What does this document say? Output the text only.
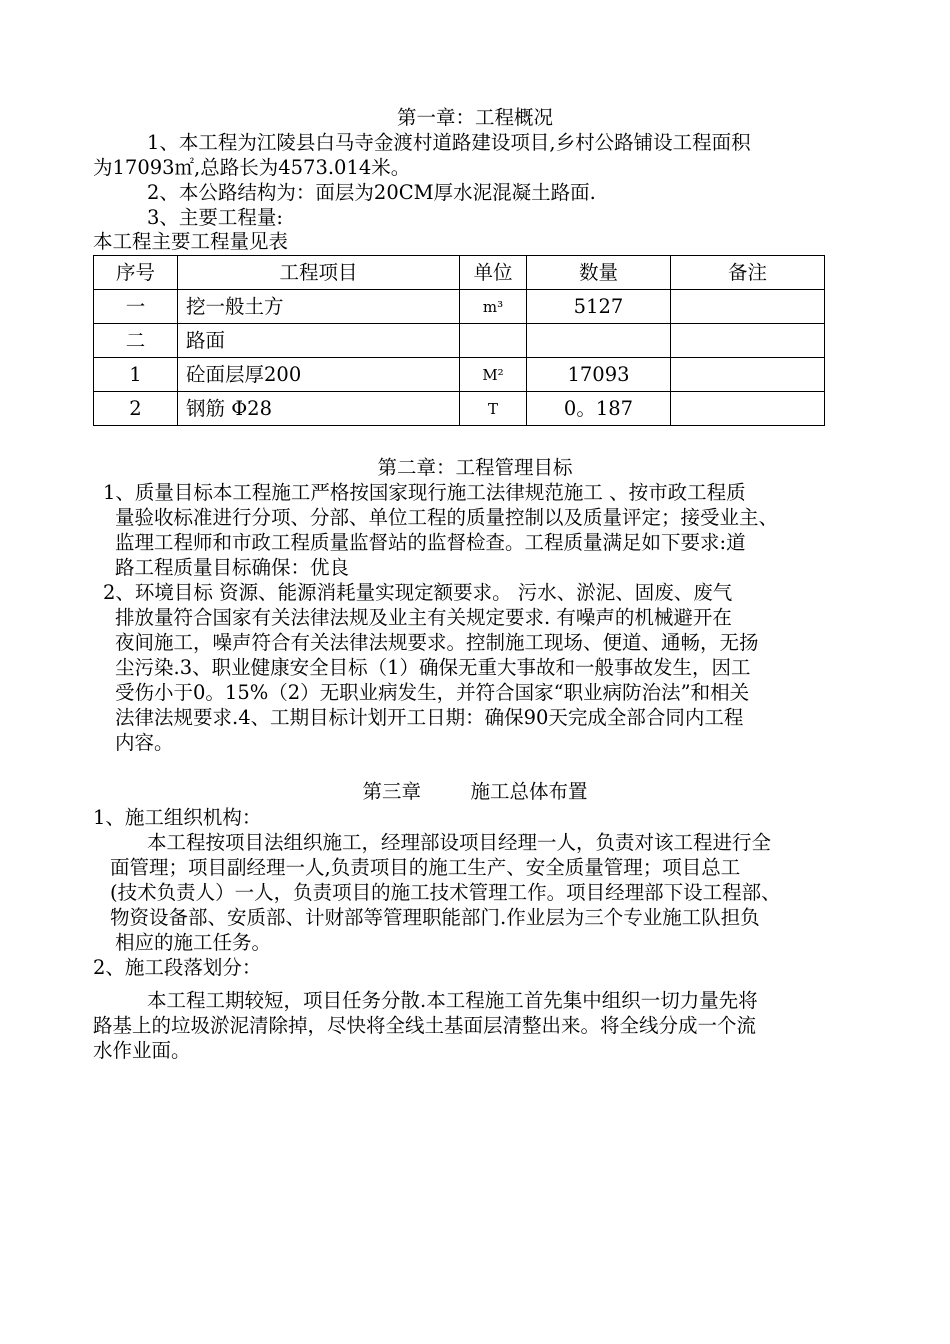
第一章：工程概况
1、本工程为江陵县白马寺金渡村道路建设项目,乡村公路铺设工程面积
为17093㎡,总路长为4573.014米。
2、本公路结构为：面层为20CM厚水泥混凝土路面.
3、主要工程量:
本工程主要工程量见表
序号	工程项目	单位	数量	备注
一	挖一般土方	m³	5127	
二	路面			
1	砼面层厚200	M²	17093	
2	钢筋 Φ28	T	0。187	
第二章：工程管理目标
1、质量目标本工程施工严格按国家现行施工法律规范施工 、按市政工程质
量验收标准进行分项、分部、单位工程的质量控制以及质量评定；接受业主、
监理工程师和市政工程质量监督站的监督检查。工程质量满足如下要求:道
路工程质量目标确保：优良
2、环境目标 资源、能源消耗量实现定额要求。 污水、淤泥、固废、废气
排放量符合国家有关法律法规及业主有关规定要求. 有噪声的机械避开在
夜间施工，噪声符合有关法律法规要求。控制施工现场、便道、通畅，无扬
尘污染.3、职业健康安全目标（1）确保无重大事故和一般事故发生，因工
受伤小于0。15%（2）无职业病发生，并符合国家“职业病防治法”和相关
法律法规要求.4、工期目标计划开工日期：确保90天完成全部合同内工程
内容。
第三章        施工总体布置
1、施工组织机构：
本工程按项目法组织施工，经理部设项目经理一人，负责对该工程进行全
面管理；项目副经理一人,负责项目的施工生产、安全质量管理；项目总工
(技术负责人）一人，负责项目的施工技术管理工作。项目经理部下设工程部、
物资设备部、安质部、计财部等管理职能部门.作业层为三个专业施工队担负
相应的施工任务。
2、施工段落划分：
本工程工期较短，项目任务分散.本工程施工首先集中组织一切力量先将
路基上的垃圾淤泥清除掉，尽快将全线土基面层清整出来。将全线分成一个流
水作业面。
